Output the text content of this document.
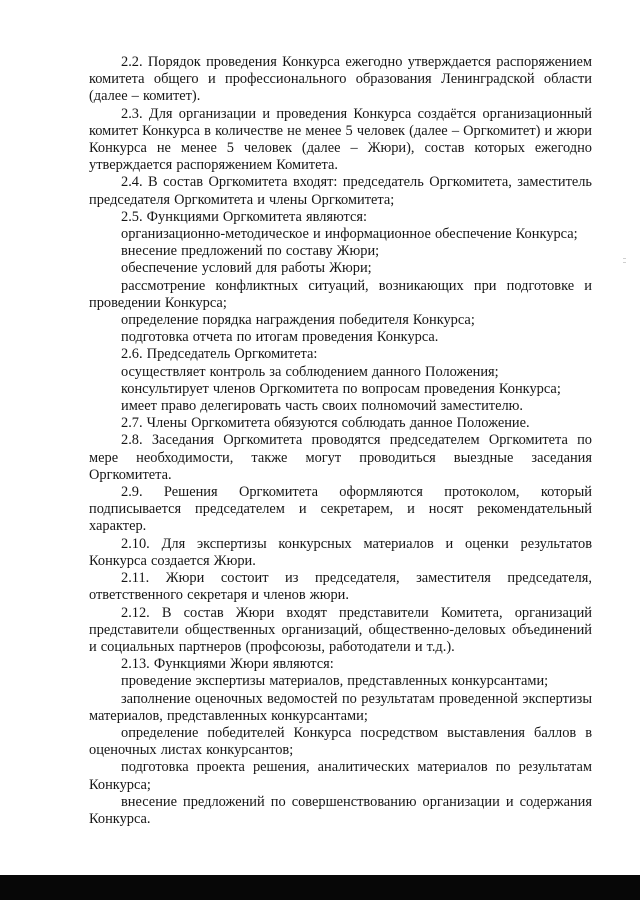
2.2. Порядок проведения Конкурса ежегодно утверждается распоряжением комитета общего и профессионального образования Ленинградской области (далее – комитет).

2.3. Для организации и проведения Конкурса создаётся организационный комитет Конкурса в количестве не менее 5 человек (далее – Оргкомитет) и жюри Конкурса не менее 5 человек (далее – Жюри), состав которых ежегодно утверждается распоряжением Комитета.

2.4. В состав Оргкомитета входят: председатель Оргкомитета, заместитель председателя Оргкомитета и члены Оргкомитета;

2.5. Функциями Оргкомитета являются:

организационно-методическое и информационное обеспечение Конкурса;

внесение предложений по составу Жюри;

обеспечение условий для работы Жюри;

рассмотрение конфликтных ситуаций, возникающих при подготовке и проведении Конкурса;

определение порядка награждения победителя Конкурса;

подготовка отчета по итогам проведения Конкурса.

2.6. Председатель Оргкомитета:

осуществляет контроль за соблюдением данного Положения;

консультирует членов Оргкомитета по вопросам проведения Конкурса;

имеет право делегировать часть своих полномочий заместителю.

2.7. Члены Оргкомитета обязуются соблюдать данное Положение.

2.8. Заседания Оргкомитета проводятся председателем Оргкомитета по мере необходимости, также могут проводиться выездные заседания Оргкомитета.

2.9. Решения Оргкомитета оформляются протоколом, который подписывается председателем и секретарем, и носят рекомендательный характер.

2.10. Для экспертизы конкурсных материалов и оценки результатов Конкурса создается Жюри.

2.11. Жюри состоит из председателя, заместителя председателя, ответственного секретаря и членов жюри.

2.12. В состав Жюри входят представители Комитета, организаций представители общественных организаций, общественно-деловых объединений и социальных партнеров (профсоюзы, работодатели и т.д.).

2.13. Функциями Жюри являются:

проведение экспертизы материалов, представленных конкурсантами;

заполнение оценочных ведомостей по результатам проведенной экспертизы материалов, представленных конкурсантами;

определение победителей Конкурса посредством выставления баллов в оценочных листах конкурсантов;

подготовка проекта решения, аналитических материалов по результатам Конкурса;

внесение предложений по совершенствованию организации и содержания Конкурса.
